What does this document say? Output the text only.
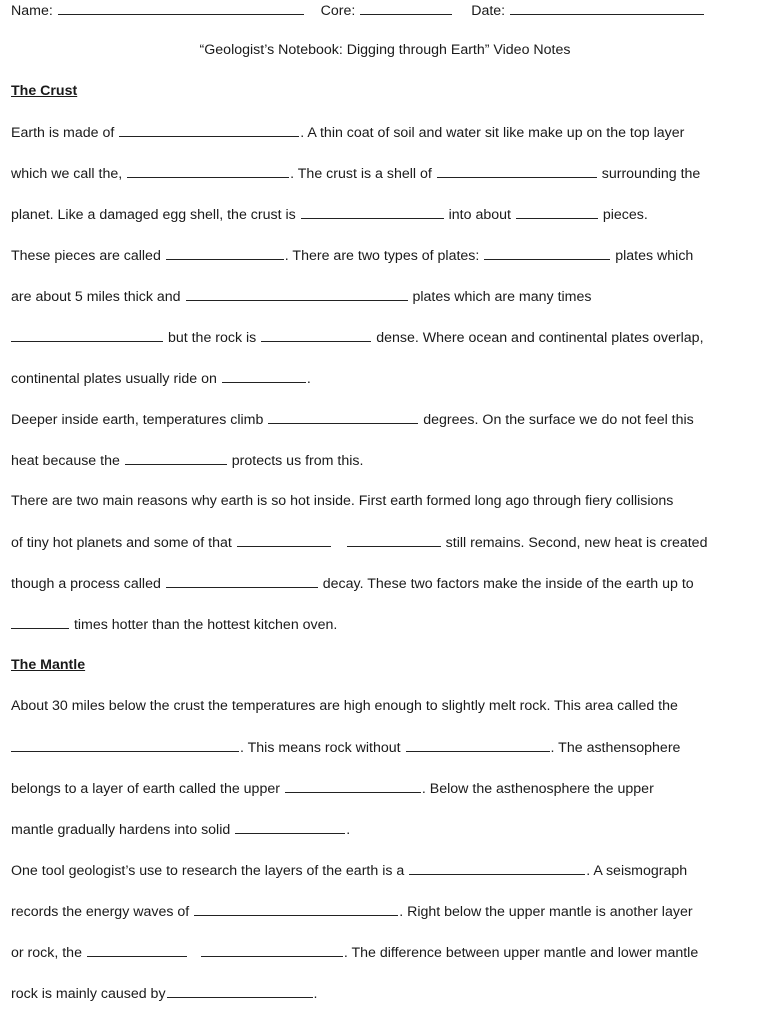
Name:	Core:	Date:
“Geologist’s Notebook: Digging through Earth” Video Notes
The Crust
Earth is made of	. A thin coat of soil and water sit like make up on the top layer
which we call the,	. The crust is a shell of	surrounding the
planet. Like a damaged egg shell, the crust is	into about	pieces.
These pieces are called	. There are two types of plates:	plates which
are about 5 miles thick and	plates which are many times
but the rock is	dense. Where ocean and continental plates overlap,
continental plates usually ride on	.
Deeper inside earth, temperatures climb	degrees. On the surface we do not feel this
heat because the	protects us from this.
There are two main reasons why earth is so hot inside. First earth formed long ago through fiery collisions
of tiny hot planets and some of that	still remains. Second, new heat is created
though a process called	decay. These two factors make the inside of the earth up to
times hotter than the hottest kitchen oven.
The Mantle
About 30 miles below the crust the temperatures are high enough to slightly melt rock. This area called the
. This means rock without	. The asthensophere
belongs to a layer of earth called the upper	. Below the asthenosphere the upper
mantle gradually hardens into solid	.
One tool geologist’s use to research the layers of the earth is a	. A seismograph
records the energy waves of	. Right below the upper mantle is another layer
or rock, the	. The difference between upper mantle and lower mantle
rock is mainly caused by	.
